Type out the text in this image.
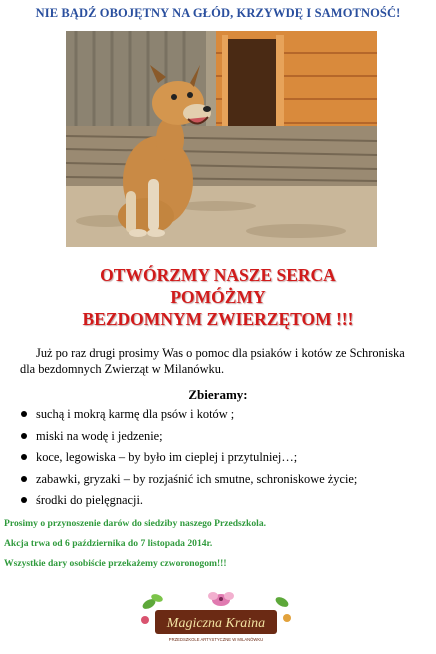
NIE BĄDŹ OBOJĘTNY NA GŁÓD, KRZYWDĘ I SAMOTNOŚĆ!
OTWÓRZMY NASZE SERCA
POMÓŻMY
BEZDOMNYM ZWIERZĘTOM !!!

Już po raz drugi prosimy Was o pomoc dla psiaków i kotów ze Schroniska dla bezdomnych Zwierząt w Milanówku.

Zbieramy:
suchą i mokrą karmę dla psów i kotów ;
miski na wodę i jedzenie;
koce, legowiska – by było im cieplej i przytulniej…;
zabawki, gryzaki – by rozjaśnić ich smutne, schroniskowe życie;
środki do pielęgnacji.
Prosimy o przynoszenie darów do siedziby naszego Przedszkola.
Akcja trwa od 6 października do 7 listopada 2014r.
Wszystkie dary osobiście przekażemy czworonogom!!!
Magiczna Kraina
PRZEDSZKOLE ARTYSTYCZNE W MILANÓWKU
